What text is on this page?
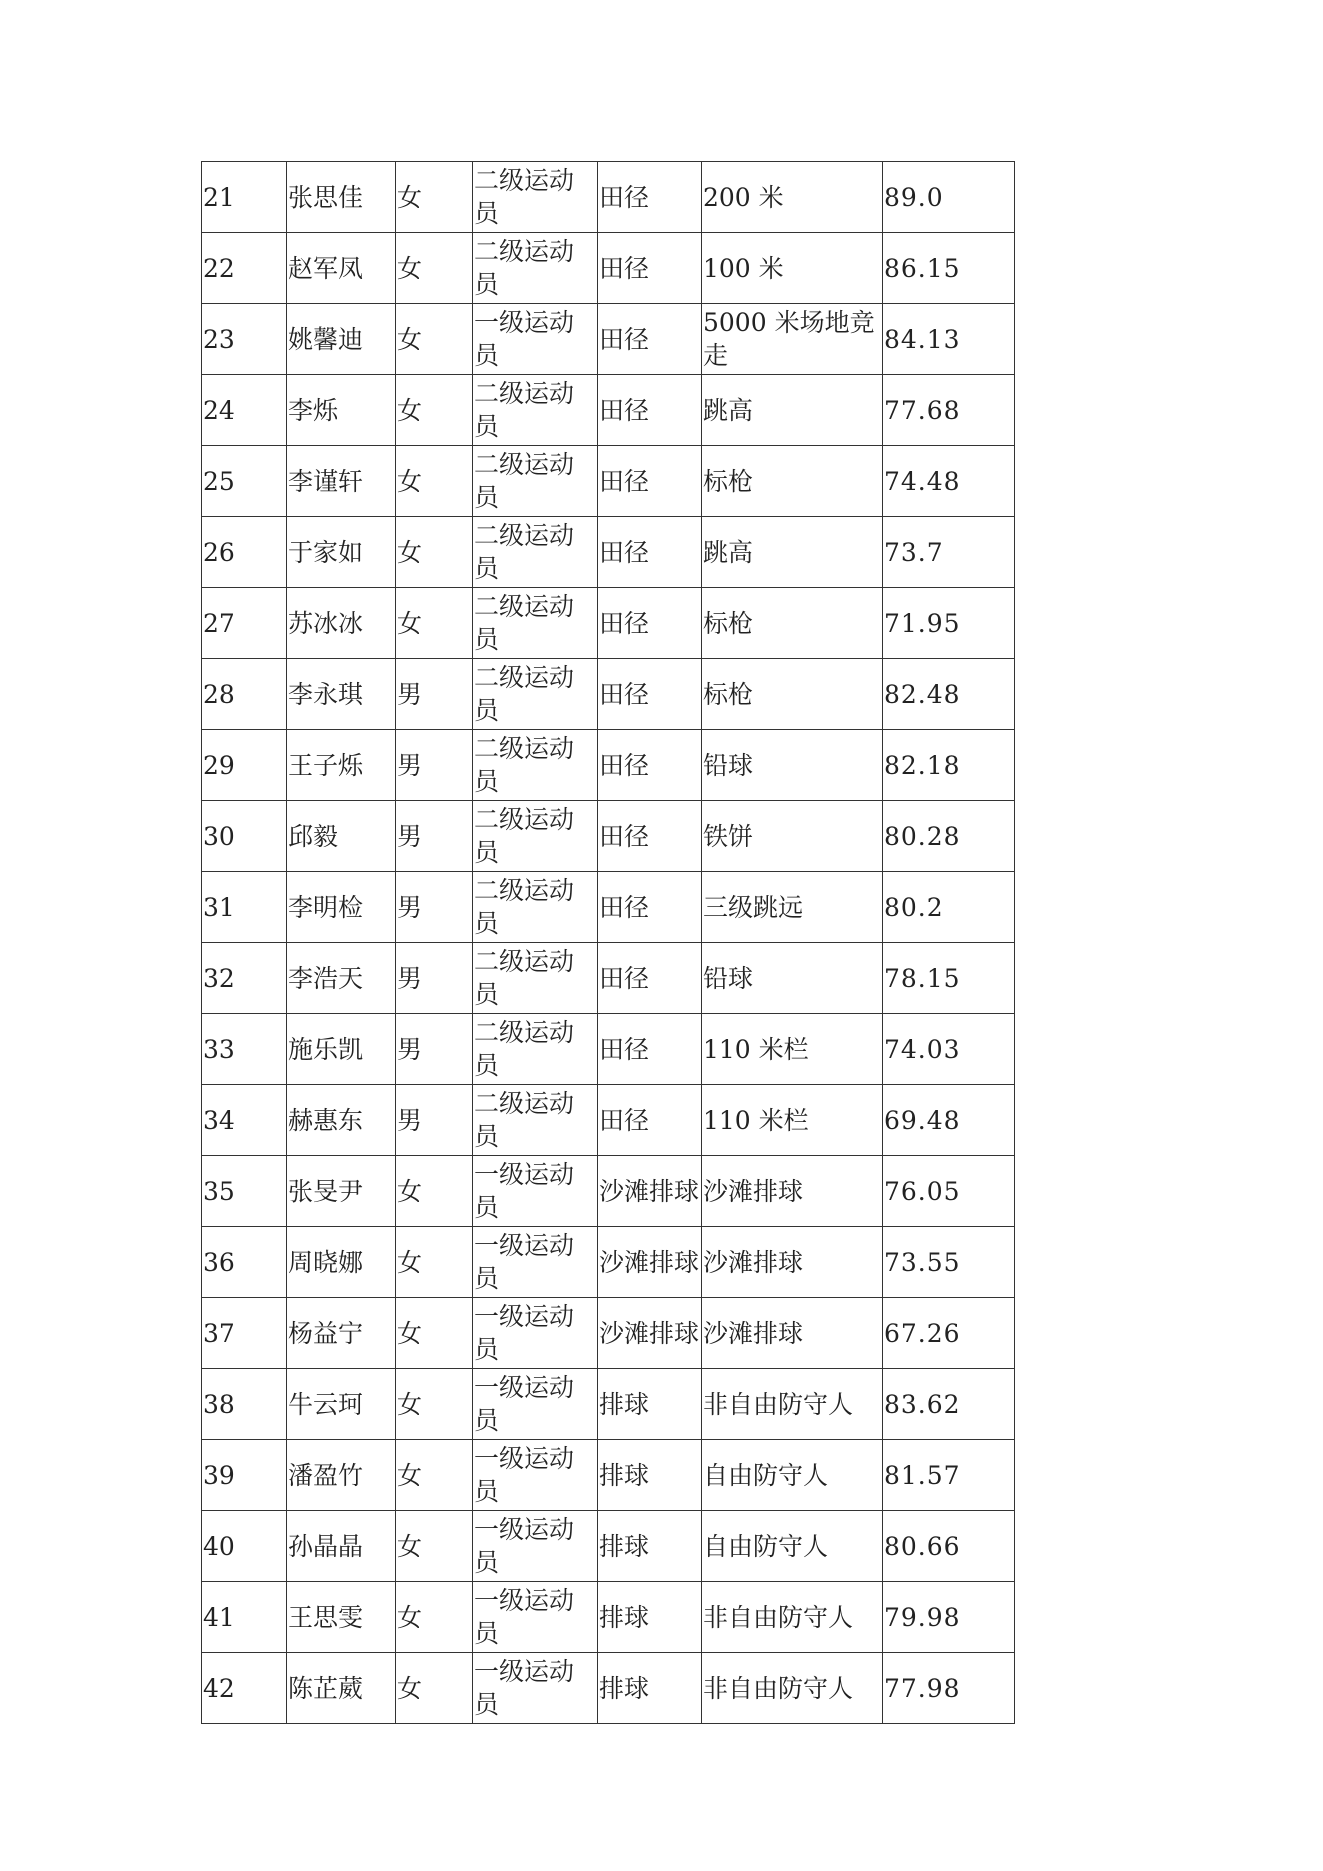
21	张思佳	女	二级运动员	田径	200 米	89.0
22	赵军凤	女	二级运动员	田径	100 米	86.15
23	姚馨迪	女	一级运动员	田径	5000 米场地竞走	84.13
24	李烁	女	二级运动员	田径	跳高	77.68
25	李谨轩	女	二级运动员	田径	标枪	74.48
26	于家如	女	二级运动员	田径	跳高	73.7
27	苏冰冰	女	二级运动员	田径	标枪	71.95
28	李永琪	男	二级运动员	田径	标枪	82.48
29	王子烁	男	二级运动员	田径	铅球	82.18
30	邱毅	男	二级运动员	田径	铁饼	80.28
31	李明检	男	二级运动员	田径	三级跳远	80.2
32	李浩天	男	二级运动员	田径	铅球	78.15
33	施乐凯	男	二级运动员	田径	110 米栏	74.03
34	赫惠东	男	二级运动员	田径	110 米栏	69.48
35	张旻尹	女	一级运动员	沙滩排球	沙滩排球	76.05
36	周晓娜	女	一级运动员	沙滩排球	沙滩排球	73.55
37	杨益宁	女	一级运动员	沙滩排球	沙滩排球	67.26
38	牛云珂	女	一级运动员	排球	非自由防守人	83.62
39	潘盈竹	女	一级运动员	排球	自由防守人	81.57
40	孙晶晶	女	一级运动员	排球	自由防守人	80.66
41	王思雯	女	一级运动员	排球	非自由防守人	79.98
42	陈芷葳	女	一级运动员	排球	非自由防守人	77.98
